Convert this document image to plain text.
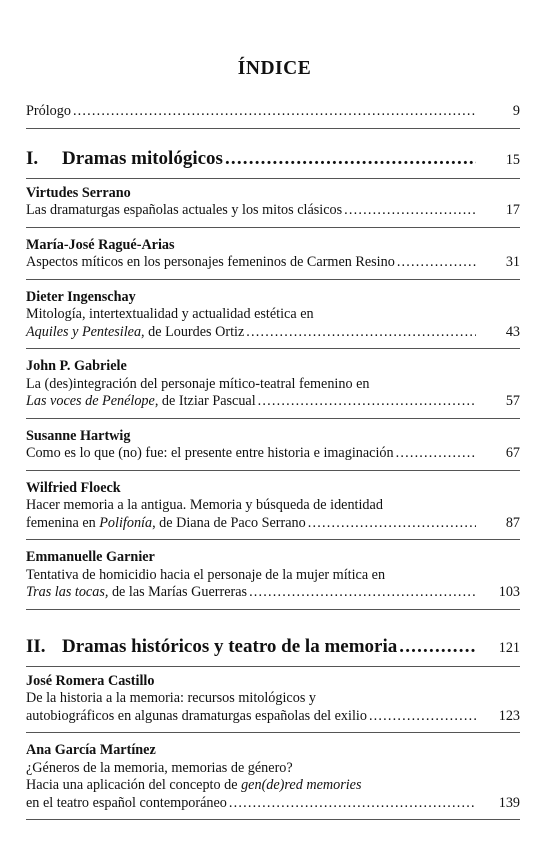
ÍNDICE
Prólogo .....	9
I. Dramas mitológicos .....	15
Virtudes Serrano
Las dramaturgas españolas actuales y los mitos clásicos .....	17
María-José Ragué-Arias
Aspectos míticos en los personajes femeninos de Carmen Resino .....	31
Dieter Ingenschay
Mitología, intertextualidad y actualidad estética en
Aquiles y Pentesilea, de Lourdes Ortiz .....	43
John P. Gabriele
La (des)integración del personaje mítico-teatral femenino en
Las voces de Penélope, de Itziar Pascual .....	57
Susanne Hartwig
Como es lo que (no) fue: el presente entre historia e imaginación .....	67
Wilfried Floeck
Hacer memoria a la antigua. Memoria y búsqueda de identidad
femenina en Polifonía, de Diana de Paco Serrano .....	87
Emmanuelle Garnier
Tentativa de homicidio hacia el personaje de la mujer mítica en
Tras las tocas, de las Marías Guerreras .....	103
II. Dramas históricos y teatro de la memoria .....	121
José Romera Castillo
De la historia a la memoria: recursos mitológicos y
autobiográficos en algunas dramaturgas españolas del exilio .....	123
Ana García Martínez
¿Géneros de la memoria, memorias de género?
Hacia una aplicación del concepto de gen(de)red memories
en el teatro español contemporáneo .....	139
